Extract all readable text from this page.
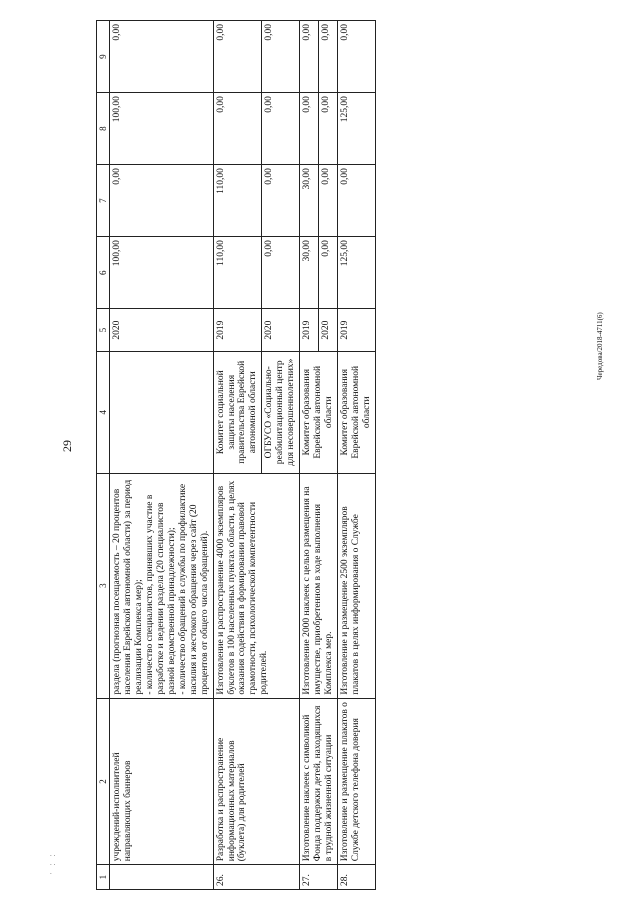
29
Чередова/2018-4711(6)
. .
. .
.
1	2	3	4	5	6	7	8	9
	учреждений-исполнителей направляющих баннеров	раздела (прогнозная посещаемость – 20 процентов населения Еврейской автономной области) за период реализации Комплекса мер);
- количество специалистов, принявших участие в разработке и ведении раздела (20 специалистов разной ведомственной принадлежности);
- количество обращений в службы по профилактике насилия и жестокого обращения через сайт (20 процентов от общего числа обращений).		2020	100,00	0,00	100,00	0,00
26.	Разработка и распространение информационных материалов (буклета) для родителей	Изготовление и распространение 4000 экземпляров буклетов в 100 населенных пунктах области, в целях оказания содействия в формировании правовой грамотности, психологической компетентности родителей.	Комитет социальной защиты населения правительства Еврейской автономной области	2019	110,00	110,00	0,00	0,00
			ОГБУСО «Социально-реабилитационный центр для несовершеннолетних»	2020	0,00	0,00	0,00	0,00
27.	Изготовление наклеек с символикой Фонда поддержки детей, находящихся в трудной жизненной ситуации	Изготовление 2000 наклеек с целью размещения на имуществе, приобретенном в ходе выполнения Комплекса мер.	Комитет образования Еврейской автономной области	2019	30,00	30,00	0,00	0,00
				2020	0,00	0,00	0,00	0,00
28.	Изготовление и размещение плакатов о Службе детского телефона доверия	Изготовление и размещение 2500 экземпляров плакатов в целях информирования о Службе	Комитет образования Еврейской автономной области	2019	125,00	0,00	125,00	0,00
